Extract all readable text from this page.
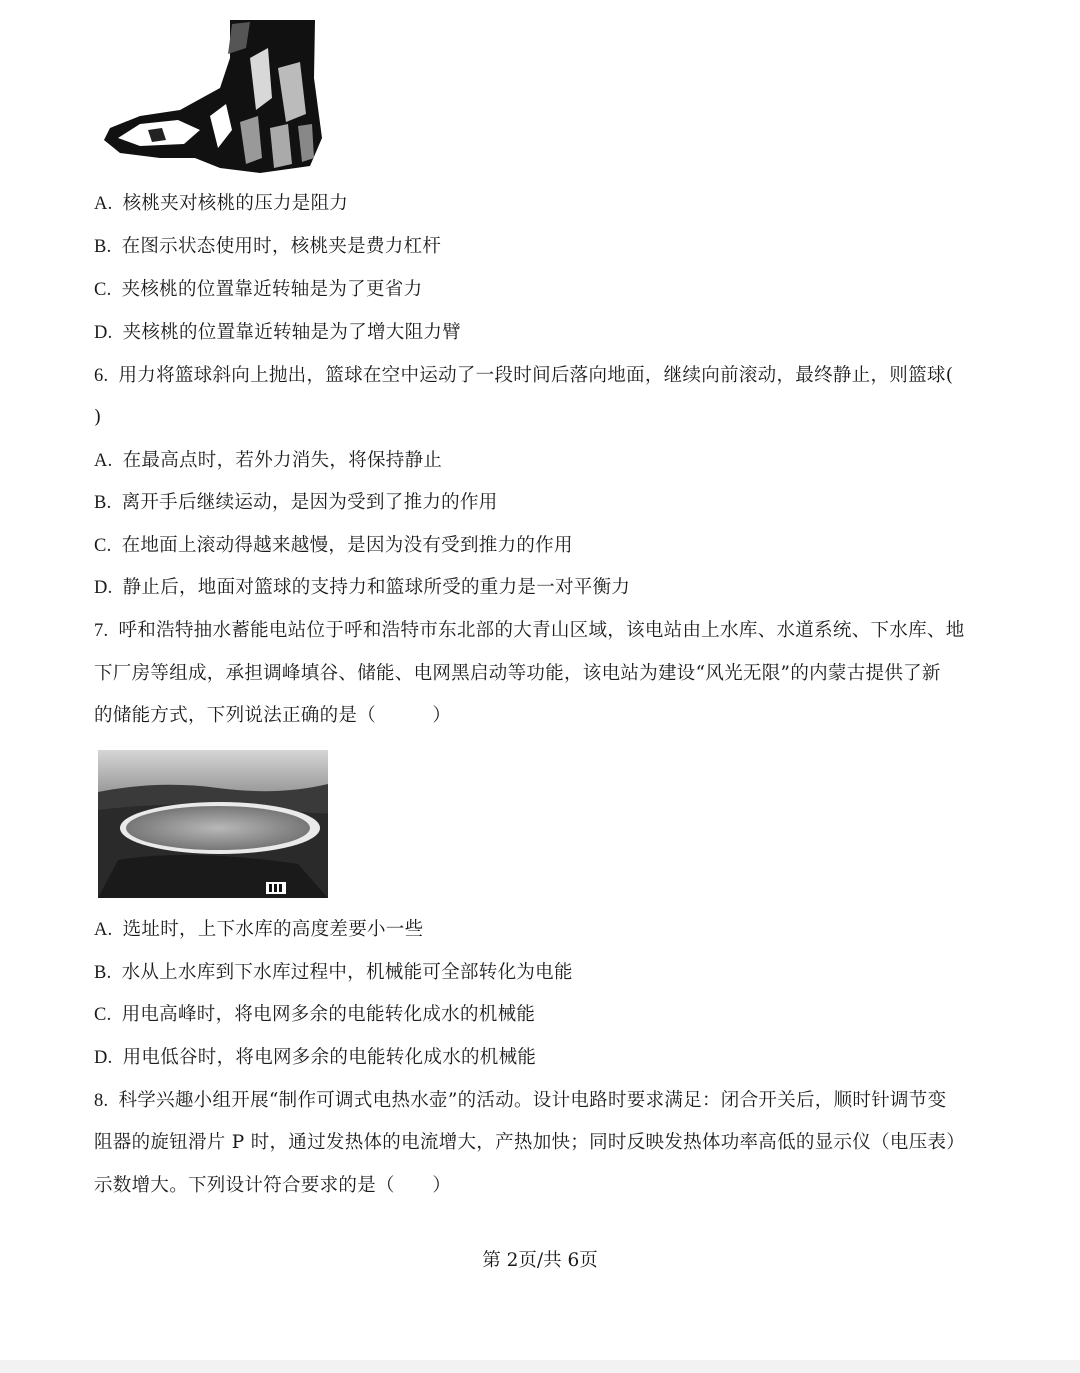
A. 核桃夹对核桃的压力是阻力
B. 在图示状态使用时，核桃夹是费力杠杆
C. 夹核桃的位置靠近转轴是为了更省力
D. 夹核桃的位置靠近转轴是为了增大阻力臂
6. 用力将篮球斜向上抛出，篮球在空中运动了一段时间后落向地面，继续向前滚动，最终静止，则篮球(
)
A. 在最高点时，若外力消失，将保持静止
B. 离开手后继续运动，是因为受到了推力的作用
C. 在地面上滚动得越来越慢，是因为没有受到推力的作用
D. 静止后，地面对篮球的支持力和篮球所受的重力是一对平衡力
7. 呼和浩特抽水蓄能电站位于呼和浩特市东北部的大青山区域，该电站由上水库、水道系统、下水库、地
下厂房等组成，承担调峰填谷、储能、电网黑启动等功能，该电站为建设“风光无限”的内蒙古提供了新
的储能方式，下列说法正确的是（　　　）
A. 选址时，上下水库的高度差要小一些
B. 水从上水库到下水库过程中，机械能可全部转化为电能
C. 用电高峰时，将电网多余的电能转化成水的机械能
D. 用电低谷时，将电网多余的电能转化成水的机械能
8. 科学兴趣小组开展“制作可调式电热水壶”的活动。设计电路时要求满足：闭合开关后，顺时针调节变
阻器的旋钮滑片 P 时，通过发热体的电流增大，产热加快；同时反映发热体功率高低的显示仪（电压表）
示数增大。下列设计符合要求的是（　　）
第 2页/共 6页
